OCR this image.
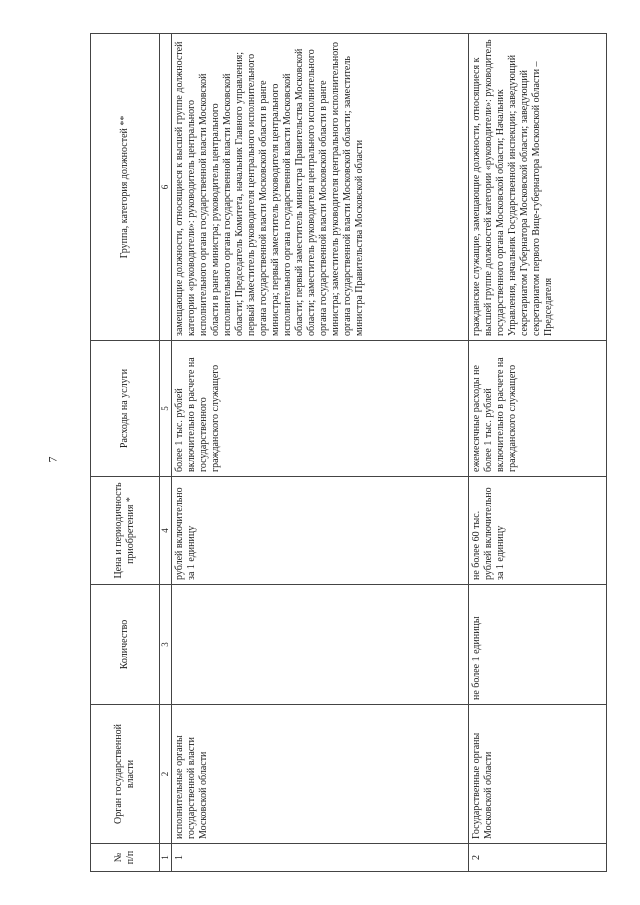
7
№ п/п	Орган государственной власти	Количество	Цена и периодичность приобретения *	Расходы на услуги	Группа, категория должностей **
1	2	3	4	5	6
1	исполнительные органы государственной власти Московской области		рублей включительно за 1 единицу	более 1 тыс. рублей включительно в расчете на государственного гражданского служащего	замещающие должности, относящиеся к высшей группе должностей категории «руководители»: руководитель центрального исполнительного органа государственной власти Московской области в ранге министра; руководитель центрального исполнительного органа государственной власти Московской области; Председатель Комитета, начальник Главного управления; первый заместитель руководителя центрального исполнительного органа государственной власти Московской области в ранге министра; первый заместитель руководителя центрального исполнительного органа государственной власти Московской области; первый заместитель министра Правительства Московской области; заместитель руководителя центрального исполнительного органа государственной власти Московской области в ранге министра; заместитель руководителя центрального исполнительного органа государственной власти Московской области; заместитель министра Правительства Московской области
2	Государственные органы Московской области	не более 1 единицы	не более 60 тыс. рублей включительно за 1 единицу	ежемесячные расходы не более 1 тыс. рублей включительно в расчете на гражданского служащего	гражданские служащие, замещающие должности, относящиеся к высшей группе должностей категории «руководители»: руководитель государственного органа Московской области; Начальник Управления, начальник Государственной инспекции; заведующий секретариатом Губернатора Московской области; заведующий секретариатом первого Вице-губернатора Московской области – Председателя
